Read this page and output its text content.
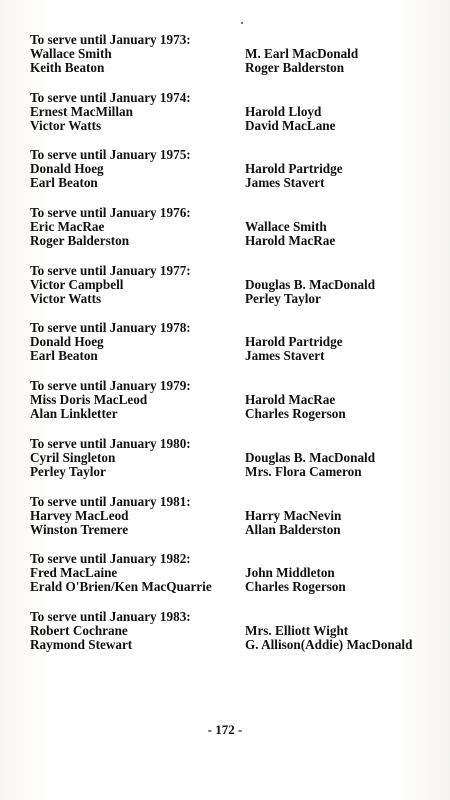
To serve until January 1973:
Wallace Smith	M. Earl MacDonald
Keith Beaton	Roger Balderston
To serve until January 1974:
Ernest MacMillan	Harold Lloyd
Victor Watts	David MacLane
To serve until January 1975:
Donald Hoeg	Harold Partridge
Earl Beaton	James Stavert
To serve until January 1976:
Eric MacRae	Wallace Smith
Roger Balderston	Harold MacRae
To serve until January 1977:
Victor Campbell	Douglas B. MacDonald
Victor Watts	Perley Taylor
To serve until January 1978:
Donald Hoeg	Harold Partridge
Earl Beaton	James Stavert
To serve until January 1979:
Miss Doris MacLeod	Harold MacRae
Alan Linkletter	Charles Rogerson
To serve until January 1980:
Cyril Singleton	Douglas B. MacDonald
Perley Taylor	Mrs. Flora Cameron
To serve until January 1981:
Harvey MacLeod	Harry MacNevin
Winston Tremere	Allan Balderston
To serve until January 1982:
Fred MacLaine	John Middleton
Erald O'Brien/Ken MacQuarrie	Charles Rogerson
To serve until January 1983:
Robert Cochrane	Mrs. Elliott Wight
Raymond Stewart	G. Allison(Addie) MacDonald
- 172 -
